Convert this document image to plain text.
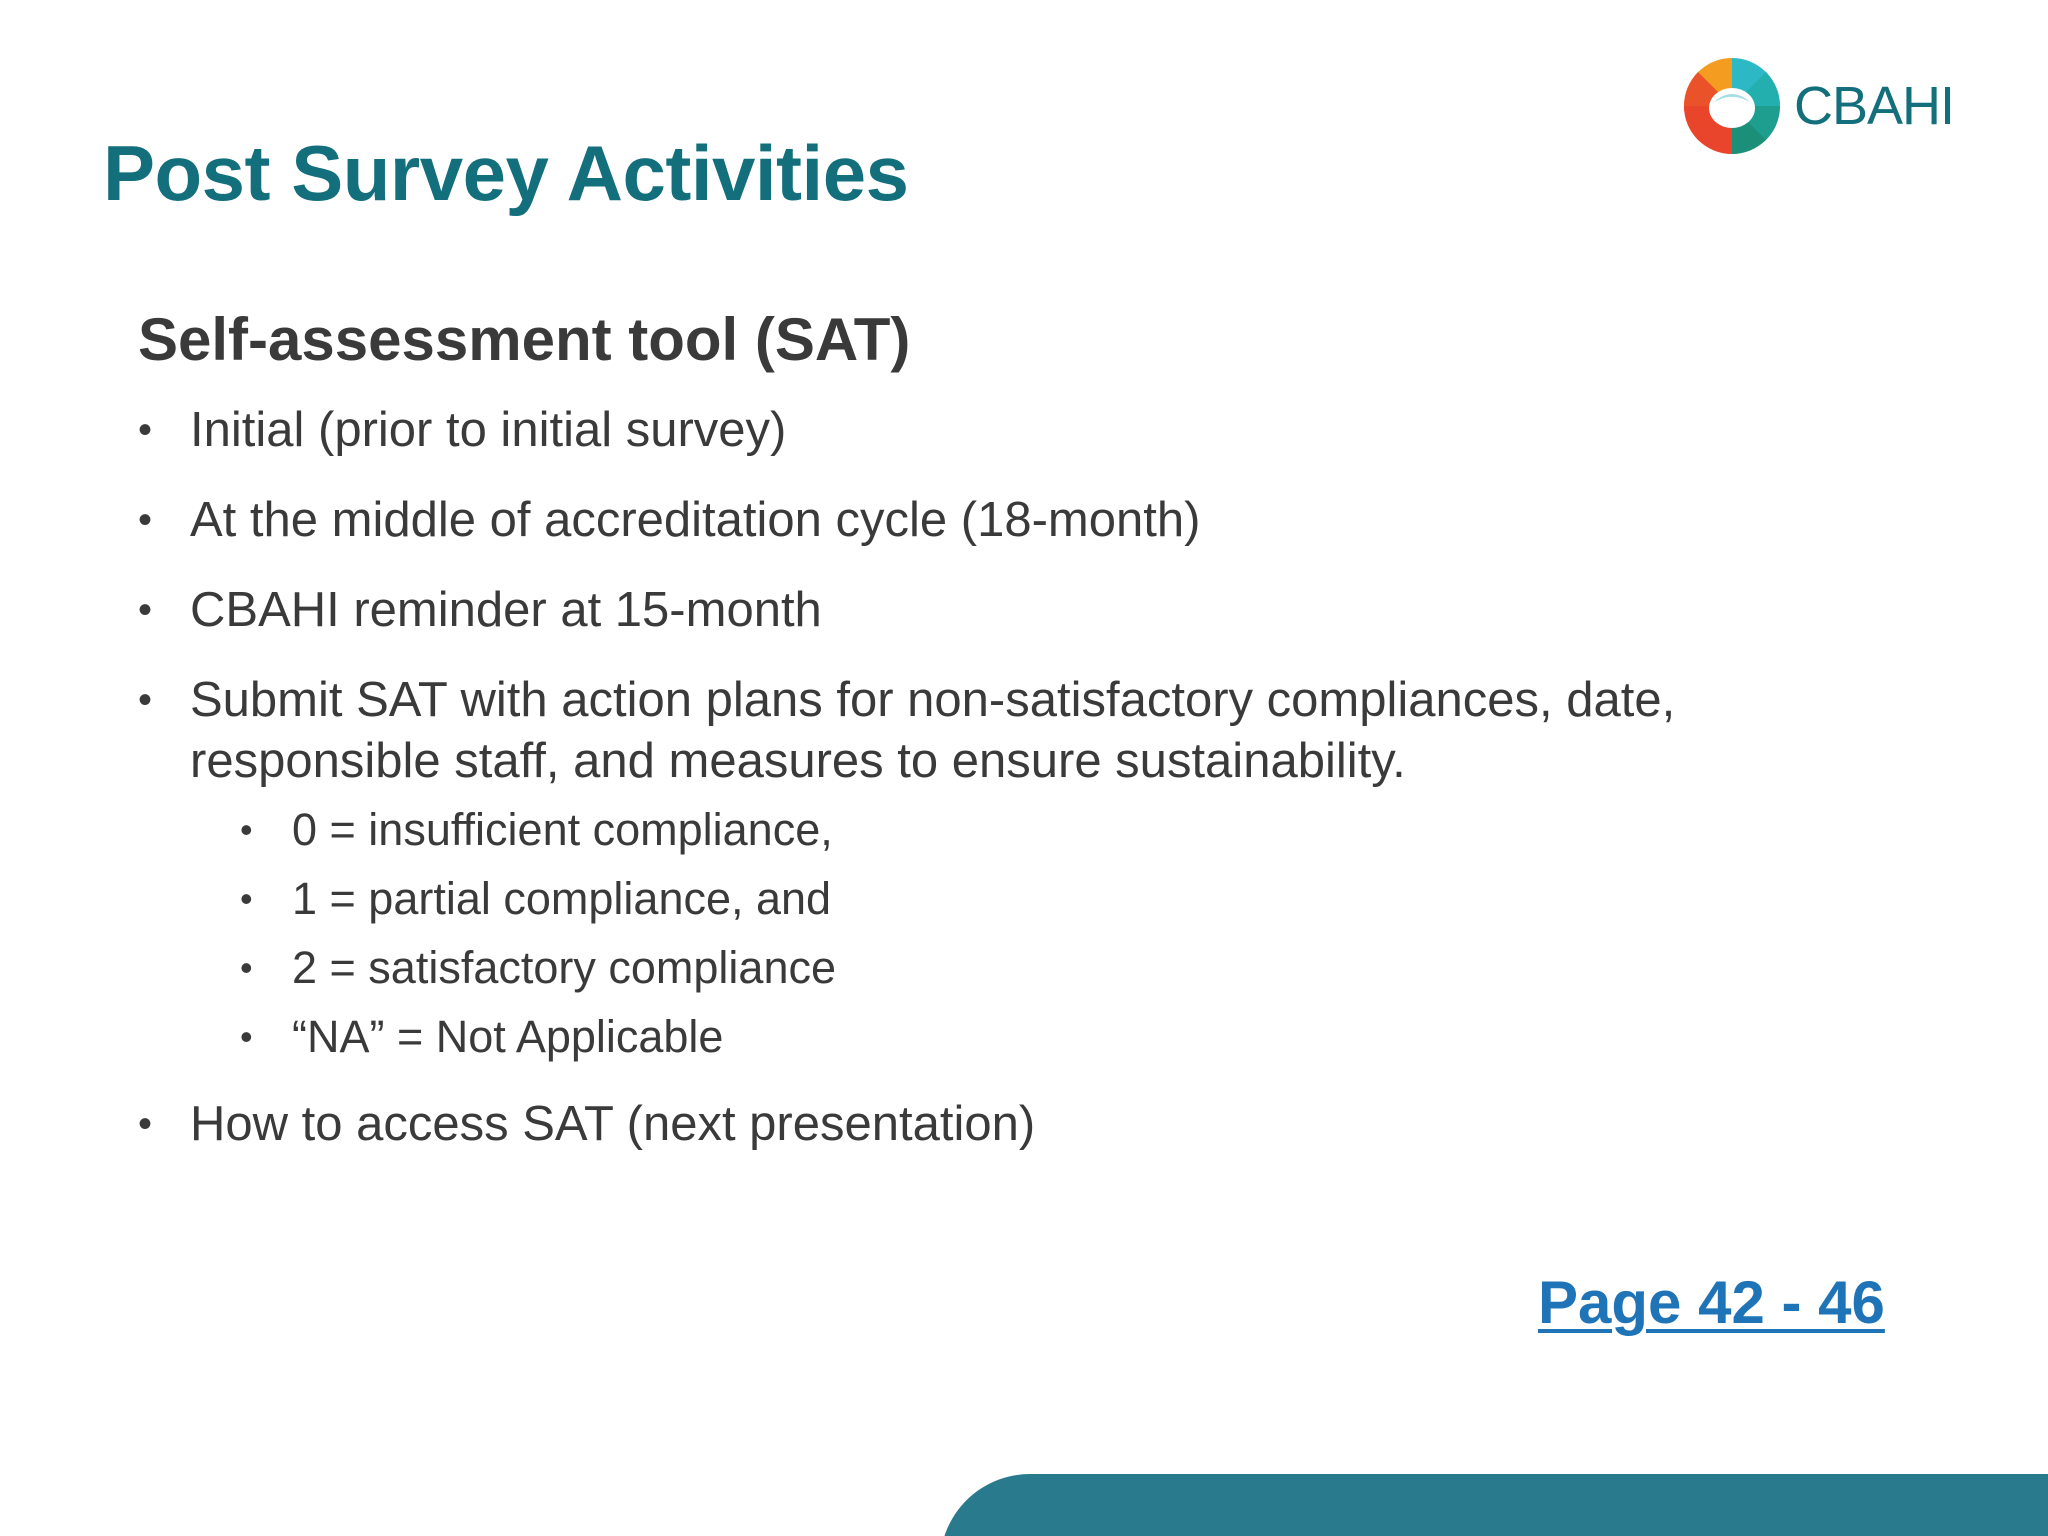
Post Survey Activities
CBAHI
Self-assessment tool (SAT)
• Initial (prior to initial survey)
• At the middle of accreditation cycle (18-month)
• CBAHI reminder at 15-month
• Submit SAT with action plans for non-satisfactory compliances, date, responsible staff, and measures to ensure sustainability.
• 0 = insufficient compliance,
• 1 = partial compliance, and
• 2 = satisfactory compliance
• “NA” = Not Applicable
• How to access SAT (next presentation)
Page 42 - 46
